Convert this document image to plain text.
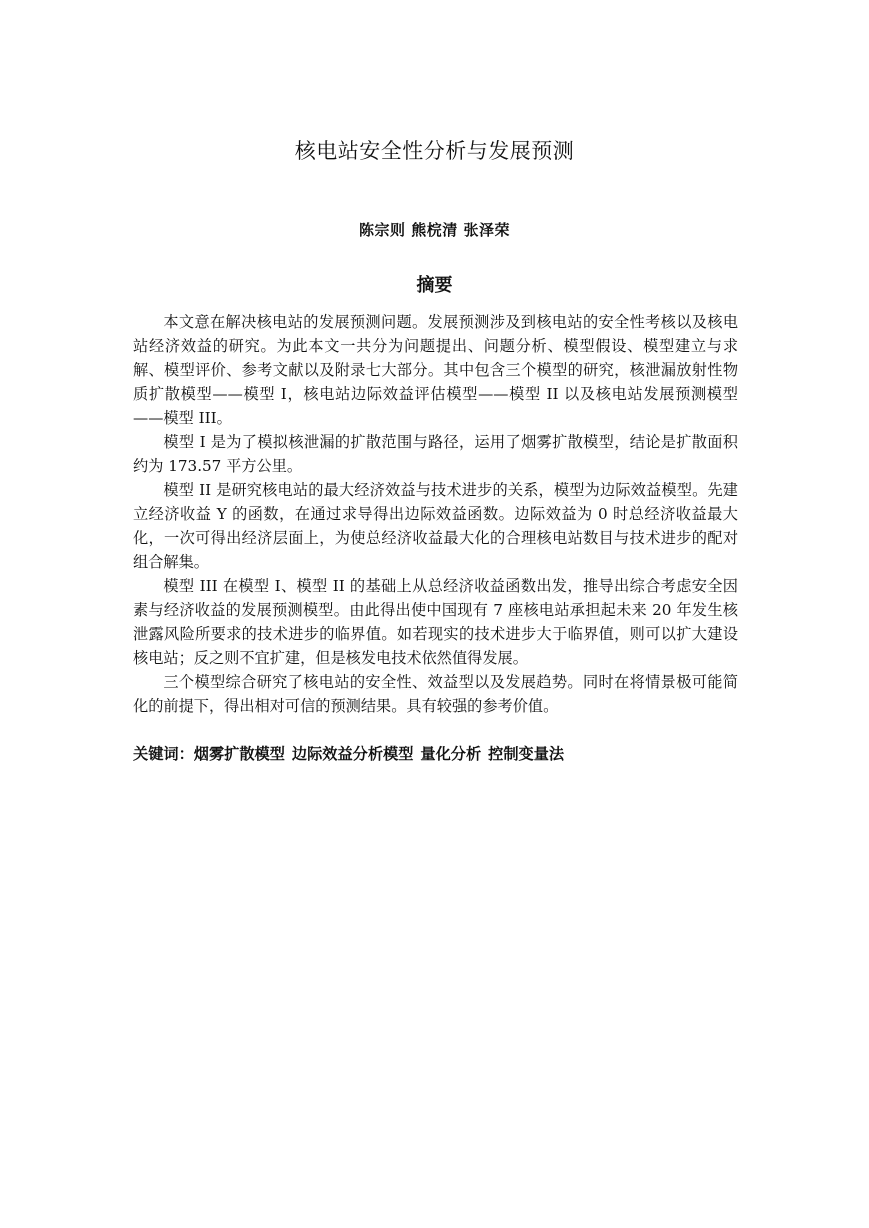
核电站安全性分析与发展预测
陈宗则 熊梡清 张泽荣
摘要

本文意在解决核电站的发展预测问题。发展预测涉及到核电站的安全性考核以及核电站经济效益的研究。为此本文一共分为问题提出、问题分析、模型假设、模型建立与求解、模型评价、参考文献以及附录七大部分。其中包含三个模型的研究，核泄漏放射性物质扩散模型——模型 I，核电站边际效益评估模型——模型 II 以及核电站发展预测模型——模型 III。

模型 I 是为了模拟核泄漏的扩散范围与路径，运用了烟雾扩散模型，结论是扩散面积约为 173.57 平方公里。

模型 II 是研究核电站的最大经济效益与技术进步的关系，模型为边际效益模型。先建立经济收益 Y 的函数，在通过求导得出边际效益函数。边际效益为 0 时总经济收益最大化，一次可得出经济层面上，为使总经济收益最大化的合理核电站数目与技术进步的配对组合解集。

模型 III 在模型 I、模型 II 的基础上从总经济收益函数出发，推导出综合考虑安全因素与经济收益的发展预测模型。由此得出使中国现有 7 座核电站承担起未来 20 年发生核泄露风险所要求的技术进步的临界值。如若现实的技术进步大于临界值，则可以扩大建设核电站；反之则不宜扩建，但是核发电技术依然值得发展。

三个模型综合研究了核电站的安全性、效益型以及发展趋势。同时在将情景极可能简化的前提下，得出相对可信的预测结果。具有较强的参考价值。

关键词：烟雾扩散模型 边际效益分析模型 量化分析 控制变量法
